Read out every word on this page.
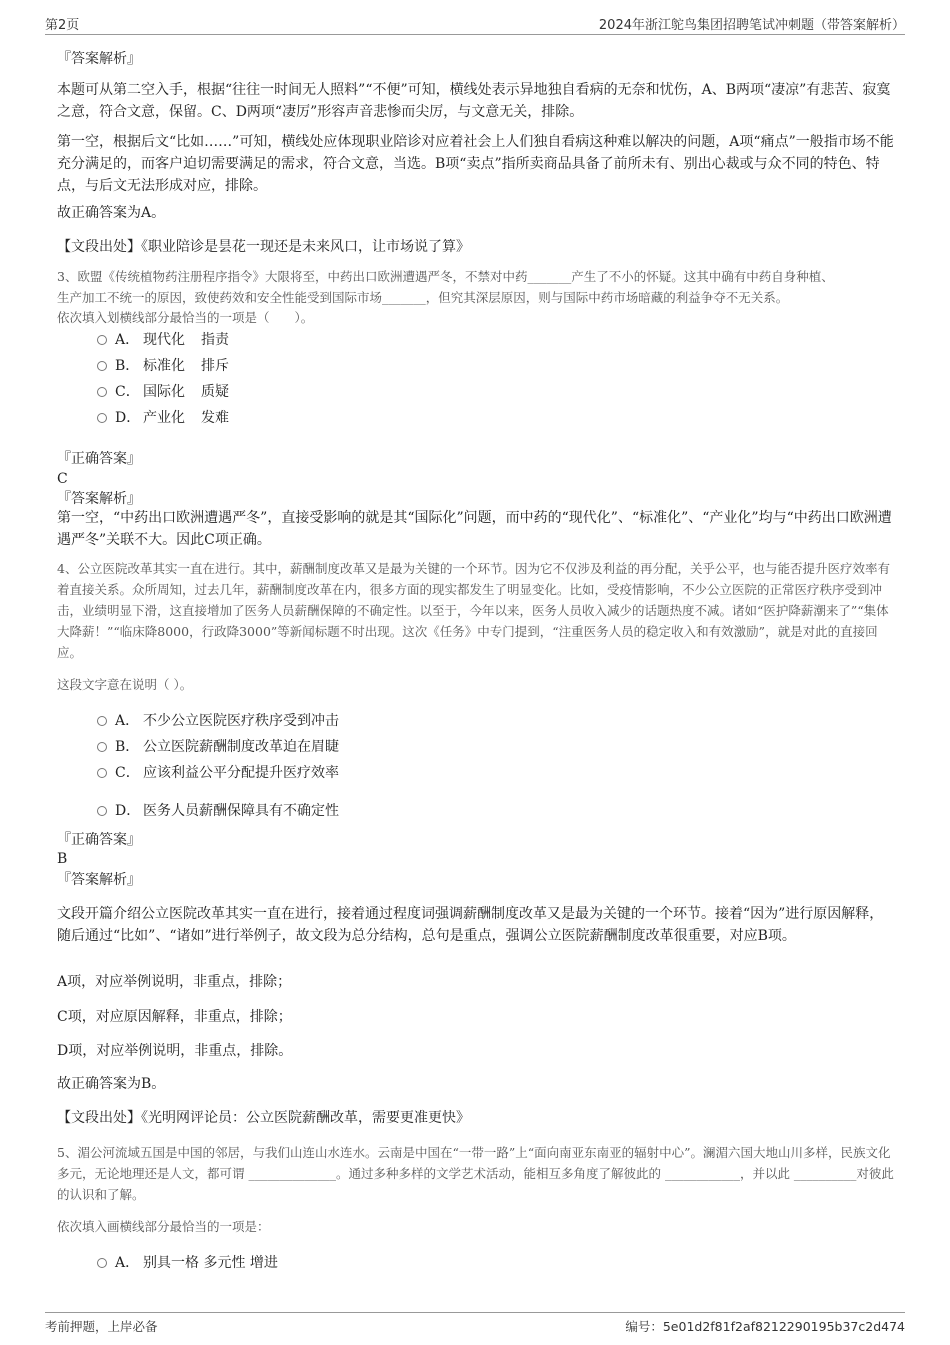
第2页	2024年浙江鸵鸟集团招聘笔试冲刺题（带答案解析）
『答案解析』

本题可从第二空入手，根据“往往一时间无人照料”“不便”可知，横线处表示异地独自看病的无奈和忧伤，A、B两项“凄凉”有悲苦、寂寞之意，符合文意，保留。C、D两项“凄厉”形容声音悲惨而尖厉，与文意无关，排除。

第一空，根据后文“比如……”可知，横线处应体现职业陪诊对应着社会上人们独自看病这种难以解决的问题，A项“痛点”一般指市场不能充分满足的，而客户迫切需要满足的需求，符合文意，当选。B项“卖点”指所卖商品具备了前所未有、别出心裁或与众不同的特色、特点，与后文无法形成对应，排除。

故正确答案为A。

【文段出处】《职业陪诊是昙花一现还是未来风口，让市场说了算》

3、欧盟《传统植物药注册程序指令》大限将至，中药出口欧洲遭遇严冬，不禁对中药_______产生了不小的怀疑。这其中确有中药自身种植、
生产加工不统一的原因，致使药效和安全性能受到国际市场_______，但究其深层原因，则与国际中药市场暗藏的利益争夺不无关系。
依次填入划横线部分最恰当的一项是（　　）。
A． 现代化 指责
B． 标准化 排斥
C． 国际化 质疑
D． 产业化 发难
『正确答案』
C
『答案解析』

第一空，“中药出口欧洲遭遇严冬”，直接受影响的就是其“国际化”问题，而中药的“现代化”、“标准化”、“产业化”均与“中药出口欧洲遭遇严冬”关联不大。因此C项正确。

4、公立医院改革其实一直在进行。其中，薪酬制度改革又是最为关键的一个环节。因为它不仅涉及利益的再分配，关乎公平，也与能否提升医疗效率有着直接关系。众所周知，过去几年，薪酬制度改革在内，很多方面的现实都发生了明显变化。比如，受疫情影响，不少公立医院的正常医疗秩序受到冲击，业绩明显下滑，这直接增加了医务人员薪酬保障的不确定性。以至于，今年以来，医务人员收入减少的话题热度不减。诸如“医护降薪潮来了”“集体大降薪！”“临床降8000，行政降3000”等新闻标题不时出现。这次《任务》中专门提到，“注重医务人员的稳定收入和有效激励”，就是对此的直接回应。

这段文字意在说明（ ）。
A． 不少公立医院医疗秩序受到冲击
B． 公立医院薪酬制度改革迫在眉睫
C． 应该利益公平分配提升医疗效率
D． 医务人员薪酬保障具有不确定性
『正确答案』
B
『答案解析』

文段开篇介绍公立医院改革其实一直在进行，接着通过程度词强调薪酬制度改革又是最为关键的一个环节。接着“因为”进行原因解释，随后通过“比如”、“诸如”进行举例子，故文段为总分结构，总句是重点，强调公立医院薪酬制度改革很重要，对应B项。

A项，对应举例说明，非重点，排除；

C项，对应原因解释，非重点，排除；

D项，对应举例说明，非重点，排除。

故正确答案为B。

【文段出处】《光明网评论员：公立医院薪酬改革，需要更准更快》

5、湄公河流域五国是中国的邻居，与我们山连山水连水。云南是中国在“一带一路”上“面向南亚东南亚的辐射中心”。澜湄六国大地山川多样，民族文化多元，无论地理还是人文，都可谓 ______________。通过多种多样的文学艺术活动，能相互多角度了解彼此的 ____________，并以此 __________对彼此的认识和了解。

依次填入画横线部分最恰当的一项是：
A． 别具一格 多元性 增进
考前押题，上岸必备	编号：5e01d2f81f2af8212290195b37c2d474
